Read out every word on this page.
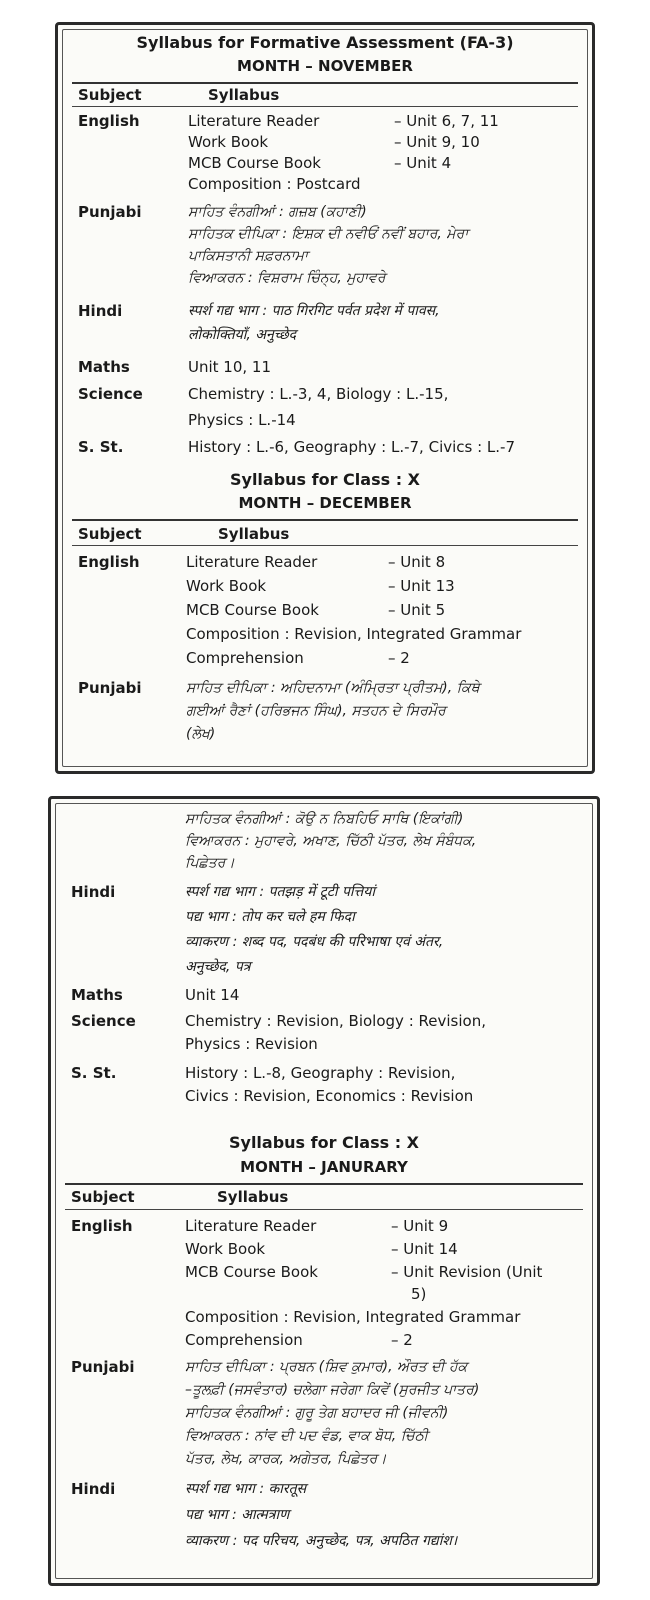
Syllabus for Formative Assessment (FA-3)
MONTH – NOVEMBER
Subject	Syllabus
English	Literature Reader	– Unit 6, 7, 11
Work Book	– Unit 9, 10
MCB Course Book	– Unit 4
Composition : Postcard
Punjabi	ਸਾਹਿਤ ਵੰਨਗੀਆਂ : ਗਜ਼ਬ (ਕਹਾਣੀ)
ਸਾਹਿਤਕ ਦੀਪਿਕਾ : ਇਸ਼ਕ ਦੀ ਨਵੀਓਂ ਨਵੀਂ ਬਹਾਰ, ਮੇਰਾ
ਪਾਕਿਸਤਾਨੀ ਸਫ਼ਰਨਾਮਾ
ਵਿਆਕਰਨ : ਵਿਸ਼ਰਾਮ ਚਿੰਨ੍ਹ, ਮੁਹਾਵਰੇ
Hindi	स्पर्श गद्य भाग : पाठ गिरगिट पर्वत प्रदेश में पावस,
लोकोक्तियाँ, अनुच्छेद
Maths	Unit 10, 11
Science	Chemistry : L.-3, 4, Biology : L.-15,
Physics : L.-14
S. St.	History : L.-6, Geography : L.-7, Civics : L.-7
Syllabus for Class : X
MONTH – DECEMBER
Subject	Syllabus
English	Literature Reader	– Unit 8
Work Book	– Unit 13
MCB Course Book	– Unit 5
Composition : Revision, Integrated Grammar
Comprehension	– 2
Punjabi	ਸਾਹਿਤ ਦੀਪਿਕਾ : ਅਹਿਦਨਾਮਾ (ਅੰਮ੍ਰਿਤਾ ਪ੍ਰੀਤਮ), ਕਿਥੇ
ਗਈਆਂ ਰੈਣਾਂ (ਹਰਿਭਜਨ ਸਿੰਘ), ਸਤਹਨ ਦੇ ਸਿਰਮੌਰ
(ਲੇਖ)
ਸਾਹਿਤਕ ਵੰਨਗੀਆਂ : ਕੋਉ ਨ ਨਿਬਹਿਓ ਸਾਥਿ (ਇਕਾਂਗੀ)
ਵਿਆਕਰਨ : ਮੁਹਾਵਰੇ, ਅਖਾਣ, ਚਿੱਠੀ ਪੱਤਰ, ਲੇਖ ਸੰਬੰਧਕ,
ਪਿਛੇਤਰ।
Hindi	स्पर्श गद्य भाग : पतझड़ में टूटी पत्तियां
पद्य भाग : तोप कर चले हम फिदा
व्याकरण : शब्द पद, पदबंध की परिभाषा एवं अंतर,
अनुच्छेद, पत्र
Maths	Unit 14
Science	Chemistry : Revision, Biology : Revision,
Physics : Revision
S. St.	History : L.-8, Geography : Revision,
Civics : Revision, Economics : Revision
Syllabus for Class : X
MONTH – JANURARY
Subject	Syllabus
English	Literature Reader	– Unit 9
Work Book	– Unit 14
MCB Course Book	– Unit Revision (Unit
5)
Composition : Revision, Integrated Grammar
Comprehension	– 2
Punjabi	ਸਾਹਿਤ ਦੀਪਿਕਾ : ਪ੍ਰਬਨ (ਸ਼ਿਵ ਕੁਮਾਰ), ਔਰਤ ਦੀ ਹੱਕ
–ਤੂਲਫ਼ੀ (ਜਸਵੰਤਾਰ) ਚਲੇਗਾ ਜਰੇਗਾ ਕਿਵੇਂ (ਸੁਰਜੀਤ ਪਾਤਰ)
ਸਾਹਿਤਕ ਵੰਨਗੀਆਂ : ਗੁਰੂ ਤੇਗ ਬਹਾਦਰ ਜੀ (ਜੀਵਨੀ)
ਵਿਆਕਰਨ : ਨਾਂਵ ਦੀ ਪਦ ਵੰਡ, ਵਾਕ ਬੋਧ, ਚਿੱਠੀ
ਪੱਤਰ, ਲੇਖ, ਕਾਰਕ, ਅਗੇਤਰ, ਪਿਛੇਤਰ।
Hindi	स्पर्श गद्य भाग : कारतूस
पद्य भाग : आत्मत्राण
व्याकरण : पद परिचय, अनुच्छेद, पत्र, अपठित गद्यांश।
